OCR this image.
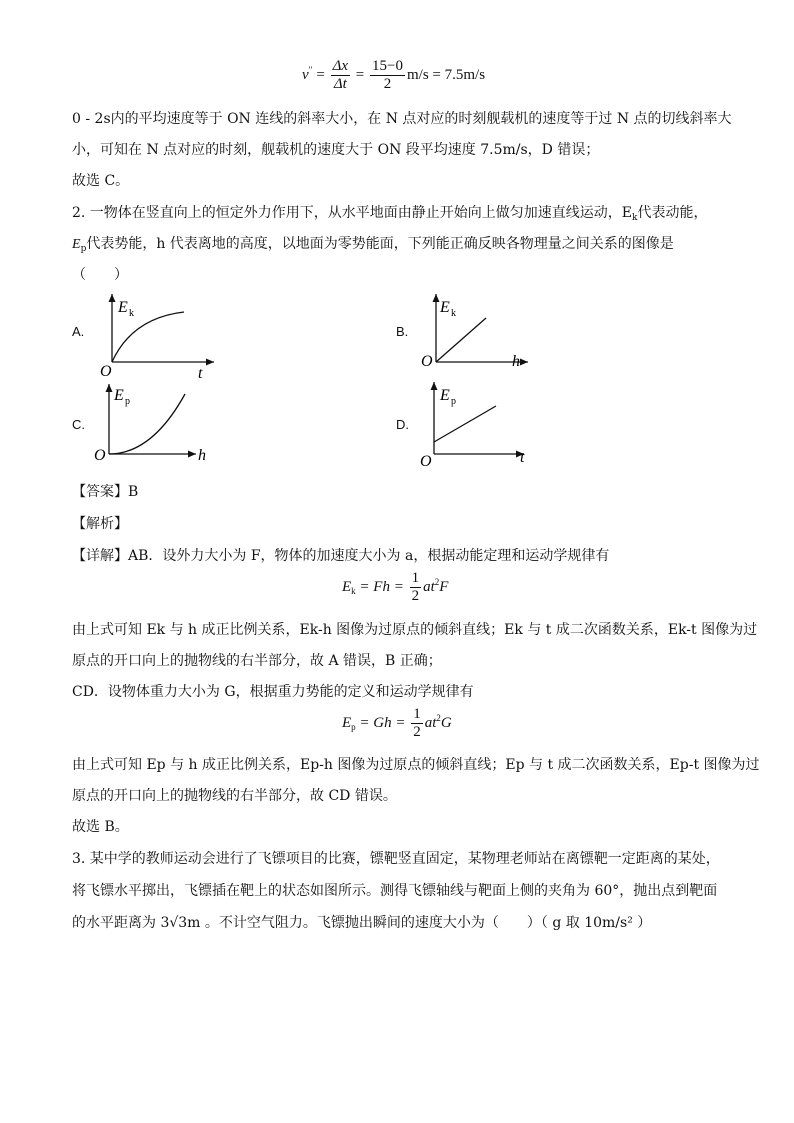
$v'' = \frac{\Delta x}{\Delta t} = \frac{15-0}{2} m/s = 7.5m/s$
0 - 2s内的平均速度等于 ON 连线的斜率大小，在 N 点对应的时刻舰载机的速度等于过 N 点的切线斜率大
小，可知在 N 点对应的时刻，舰载机的速度大于 ON 段平均速度 7.5m/s，D 错误；
故选 C。
2. 一物体在竖直向上的恒定外力作用下，从水平地面由静止开始向上做匀加速直线运动，$E_k$代表动能，
$E_p$代表势能，h 代表离地的高度，以地面为零势能面，下列能正确反映各物理量之间关系的图像是
（　　）
A.
E k
O	t
B.
E k
O	h
C.
E p
O	h
D.
E p
O	t
【答案】B
【解析】
【详解】AB．设外力大小为 F，物体的加速度大小为 a，根据动能定理和运动学规律有
$E_k = Fh = \frac{1}{2} at^2F$
由上式可知 Ek 与 h 成正比例关系，Ek-h 图像为过原点的倾斜直线；Ek 与 t 成二次函数关系，Ek-t 图像为过
原点的开口向上的抛物线的右半部分，故 A 错误，B 正确；
CD．设物体重力大小为 G，根据重力势能的定义和运动学规律有
$E_p = Gh = \frac{1}{2} at^2G$
由上式可知 Ep 与 h 成正比例关系，Ep-h 图像为过原点的倾斜直线；Ep 与 t 成二次函数关系，Ep-t 图像为过
原点的开口向上的抛物线的右半部分，故 CD 错误。
故选 B。
3. 某中学的教师运动会进行了飞镖项目的比赛，镖靶竖直固定，某物理老师站在离镖靶一定距离的某处，
将飞镖水平掷出，飞镖插在靶上的状态如图所示。测得飞镖轴线与靶面上侧的夹角为 60°，抛出点到靶面
的水平距离为 3√3m 。不计空气阻力。飞镖抛出瞬间的速度大小为（　　）（ g 取 10m/s² ）
